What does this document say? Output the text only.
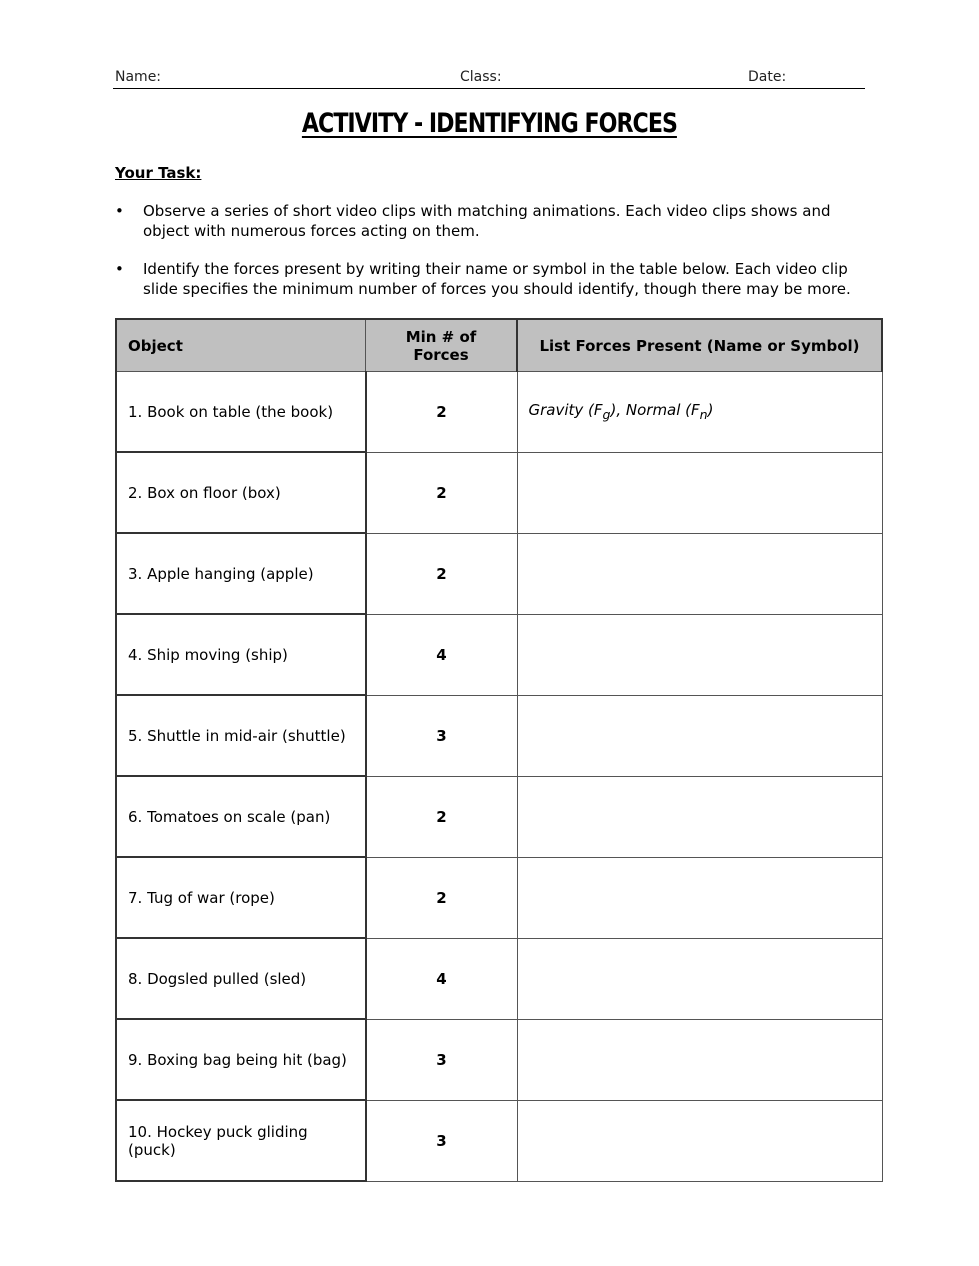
Name:	Class:	Date:
ACTIVITY - IDENTIFYING FORCES
Your Task:
• Observe a series of short video clips with matching animations. Each video clips shows and object with numerous forces acting on them.
• Identify the forces present by writing their name or symbol in the table below. Each video clip slide specifies the minimum number of forces you should identify, though there may be more.
Object	Min # of Forces	List Forces Present (Name or Symbol)
1. Book on table (the book)	2	Gravity $(F_g)$, Normal $(F_n)$
2. Box on floor (box)	2	
3. Apple hanging (apple)	2	
4. Ship moving (ship)	4	
5. Shuttle in mid-air (shuttle)	3	
6. Tomatoes on scale (pan)	2	
7. Tug of war (rope)	2	
8. Dogsled pulled (sled)	4	
9. Boxing bag being hit (bag)	3	
10. Hockey puck gliding (puck)	3	
